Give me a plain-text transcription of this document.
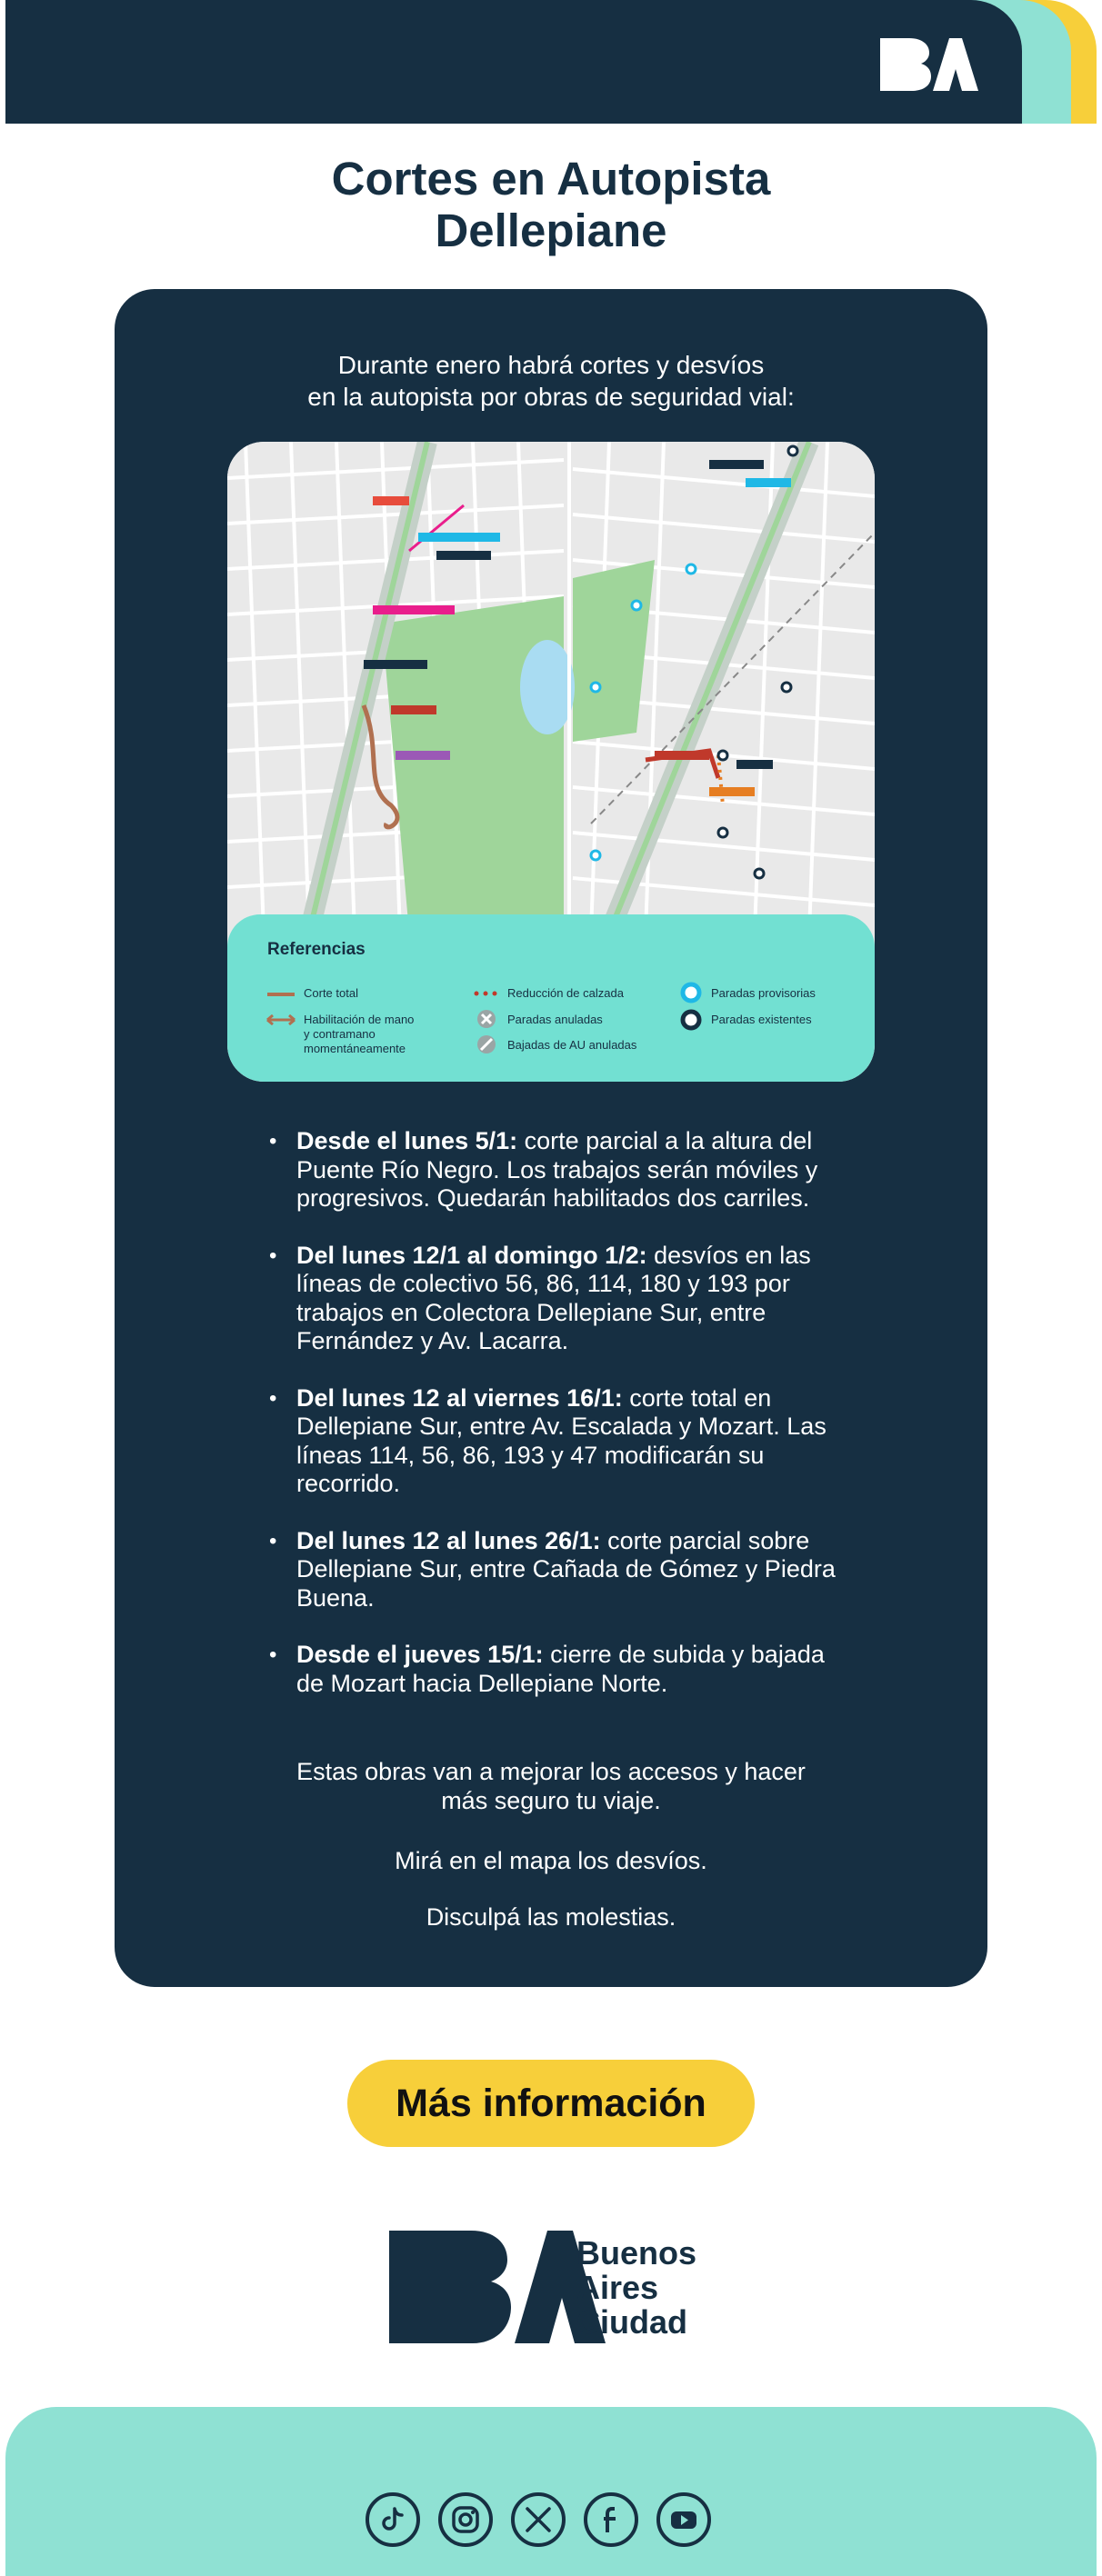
Cortes en Autopista
Dellepiane
Durante enero habrá cortes y desvíos
en la autopista por obras de seguridad vial:
Referencias
Corte total
Habilitación de mano
y contramano
momentáneamente
Reducción de calzada
Paradas anuladas
Bajadas de AU anuladas
Paradas provisorias
Paradas existentes
• Desde el lunes 5/1: corte parcial a la altura del Puente Río Negro. Los trabajos serán móviles y progresivos. Quedarán habilitados dos carriles.
• Del lunes 12/1 al domingo 1/2: desvíos en las líneas de colectivo 56, 86, 114, 180 y 193 por trabajos en Colectora Dellepiane Sur, entre Fernández y Av. Lacarra.
• Del lunes 12 al viernes 16/1: corte total en Dellepiane Sur, entre Av. Escalada y Mozart. Las líneas 114, 56, 86, 193 y 47 modificarán su recorrido.
• Del lunes 12 al lunes 26/1: corte parcial sobre Dellepiane Sur, entre Cañada de Gómez y Piedra Buena.
• Desde el jueves 15/1: cierre de subida y bajada de Mozart hacia Dellepiane Norte.
Estas obras van a mejorar los accesos y hacer
más seguro tu viaje.
Mirá en el mapa los desvíos.
Disculpá las molestias.
Más información
Buenos
Aires
Ciudad
